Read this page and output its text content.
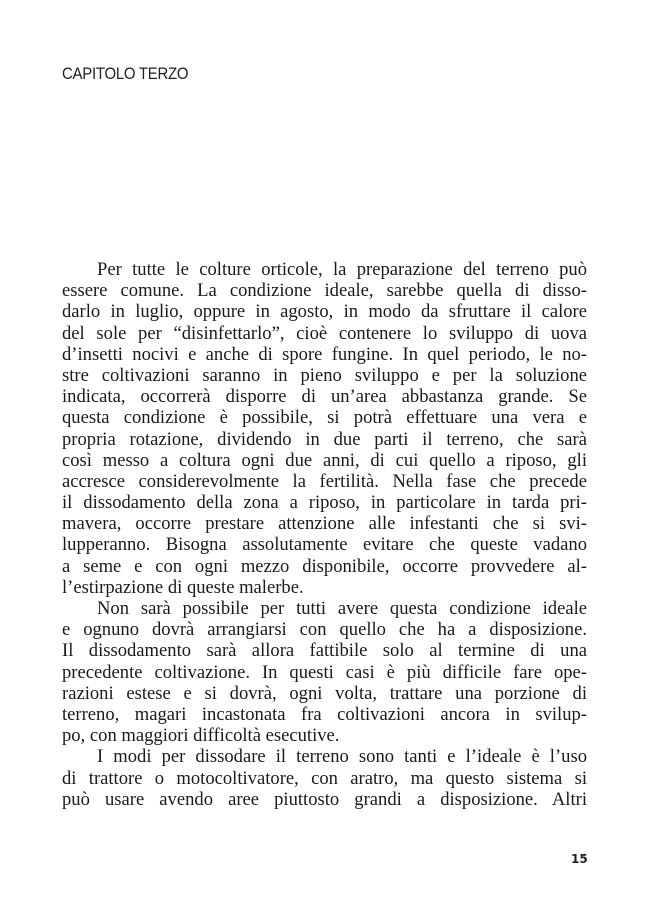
CAPITOLO TERZO
Per tutte le colture orticole, la preparazione del terreno può
essere comune. La condizione ideale, sarebbe quella di disso-
darlo in luglio, oppure in agosto, in modo da sfruttare il calore
del sole per “disinfettarlo”, cioè contenere lo sviluppo di uova
d’insetti nocivi e anche di spore fungine. In quel periodo, le no-
stre coltivazioni saranno in pieno sviluppo e per la soluzione
indicata, occorrerà disporre di un’area abbastanza grande. Se
questa condizione è possibile, si potrà effettuare una vera e
propria rotazione, dividendo in due parti il terreno, che sarà
così messo a coltura ogni due anni, di cui quello a riposo, gli
accresce considerevolmente la fertilità. Nella fase che precede
il dissodamento della zona a riposo, in particolare in tarda pri-
mavera, occorre prestare attenzione alle infestanti che si svi-
lupperanno. Bisogna assolutamente evitare che queste vadano
a seme e con ogni mezzo disponibile, occorre provvedere al-
l’estirpazione di queste malerbe.
Non sarà possibile per tutti avere questa condizione ideale
e ognuno dovrà arrangiarsi con quello che ha a disposizione.
Il dissodamento sarà allora fattibile solo al termine di una
precedente coltivazione. In questi casi è più difficile fare ope-
razioni estese e si dovrà, ogni volta, trattare una porzione di
terreno, magari incastonata fra coltivazioni ancora in svilup-
po, con maggiori difficoltà esecutive.
I modi per dissodare il terreno sono tanti e l’ideale è l’uso
di trattore o motocoltivatore, con aratro, ma questo sistema si
può usare avendo aree piuttosto grandi a disposizione. Altri
15
